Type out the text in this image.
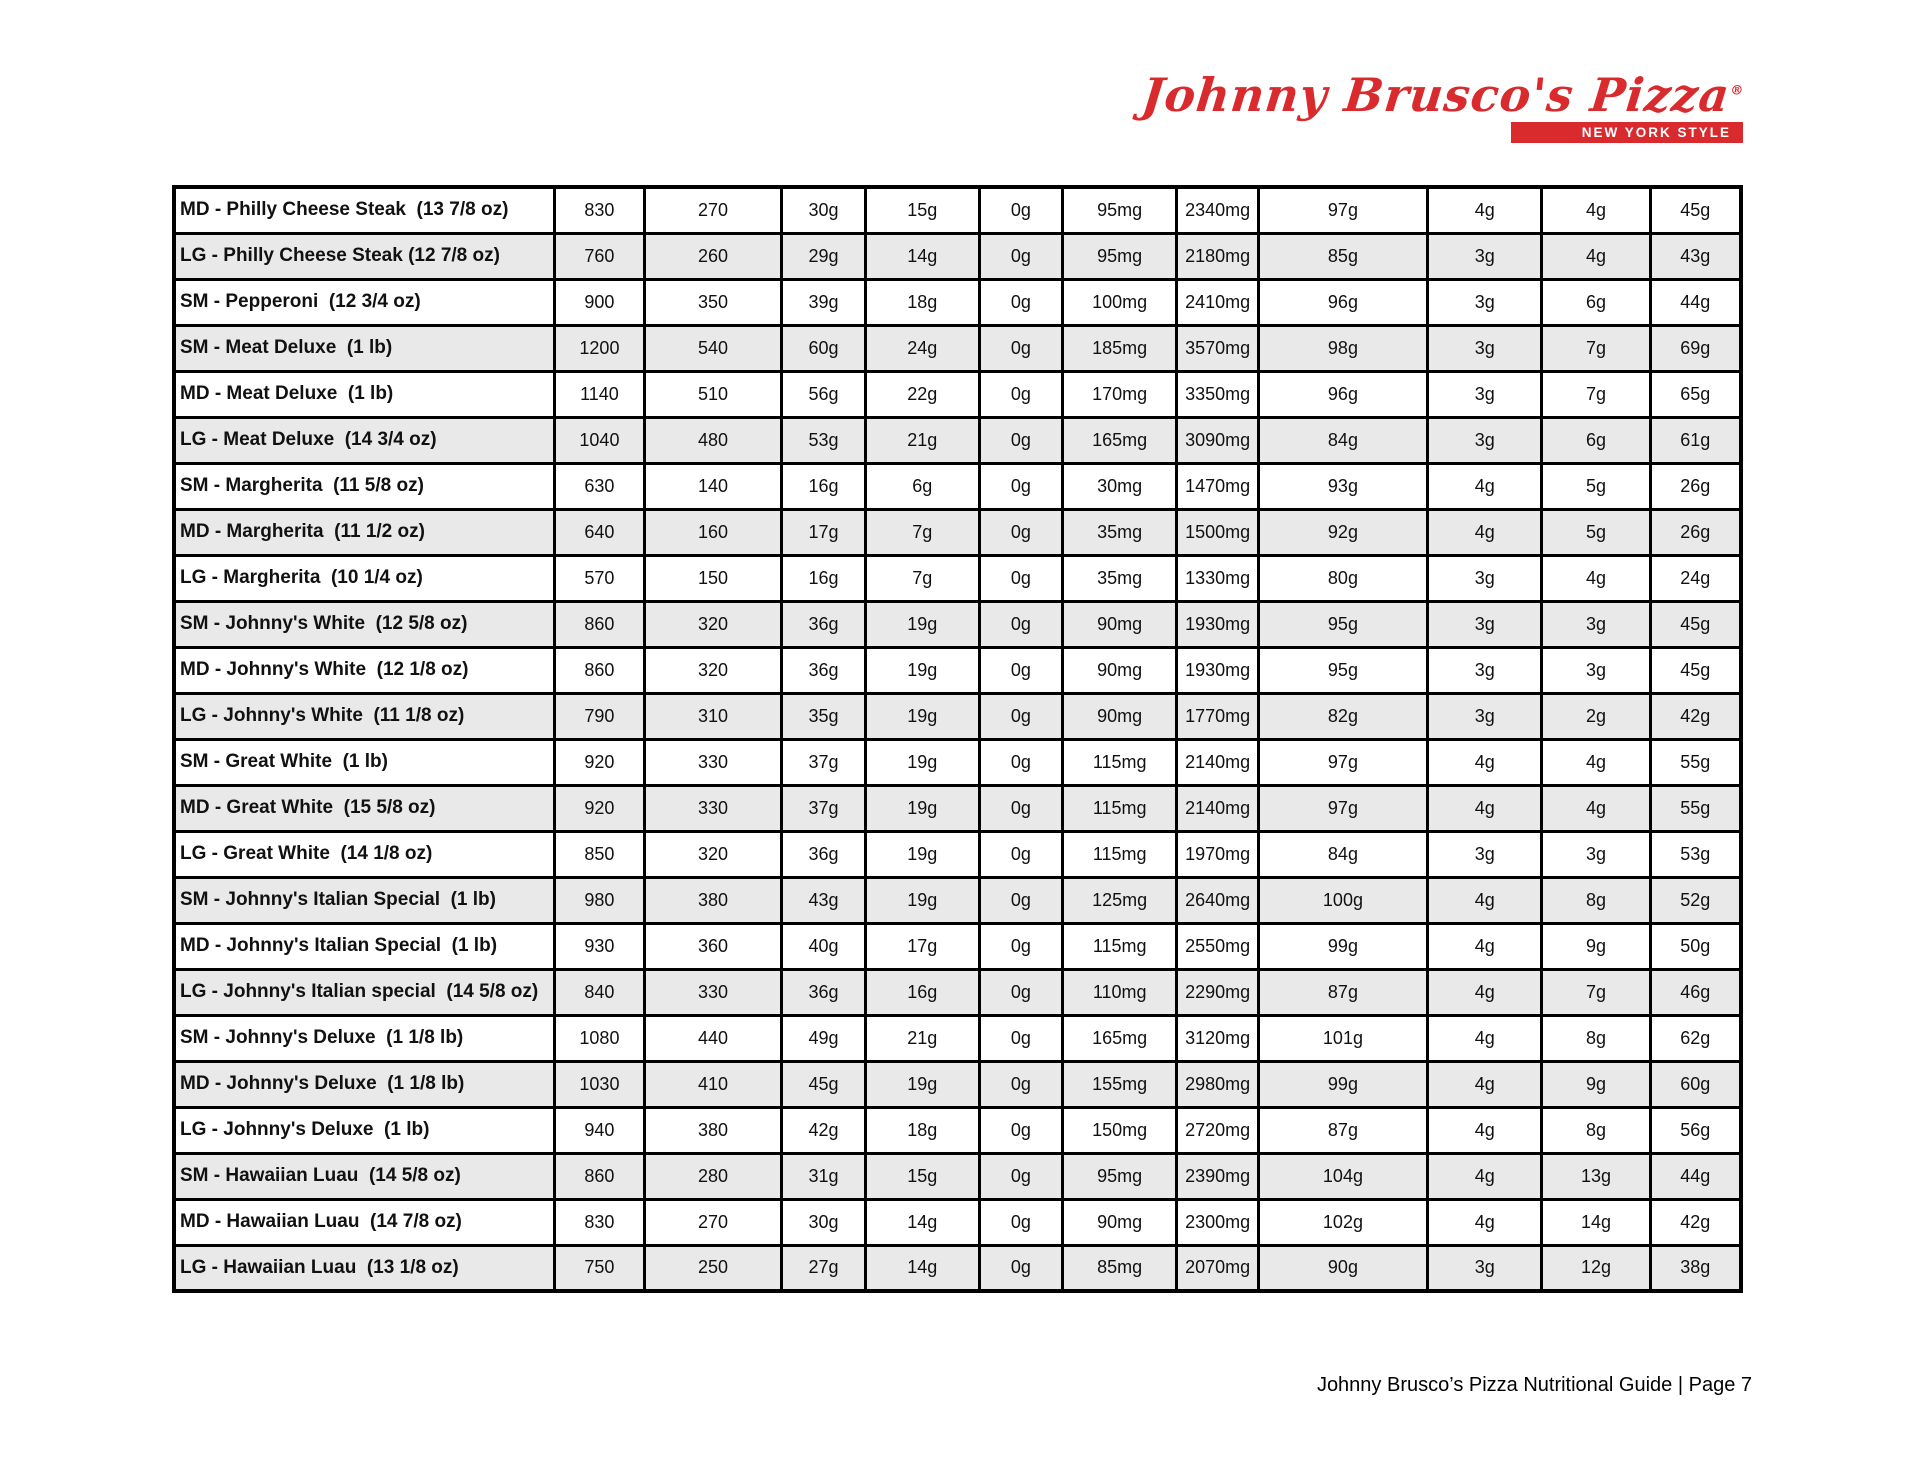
Johnny Brusco's Pizza®
NEW YORK STYLE
MD - Philly Cheese Steak  (13 7/8 oz)	830	270	30g	15g	0g	95mg	2340mg	97g	4g	4g	45g
LG - Philly Cheese Steak (12 7/8 oz)	760	260	29g	14g	0g	95mg	2180mg	85g	3g	4g	43g
SM - Pepperoni  (12 3/4 oz)	900	350	39g	18g	0g	100mg	2410mg	96g	3g	6g	44g
SM - Meat Deluxe  (1 lb)	1200	540	60g	24g	0g	185mg	3570mg	98g	3g	7g	69g
MD - Meat Deluxe  (1 lb)	1140	510	56g	22g	0g	170mg	3350mg	96g	3g	7g	65g
LG - Meat Deluxe  (14 3/4 oz)	1040	480	53g	21g	0g	165mg	3090mg	84g	3g	6g	61g
SM - Margherita  (11 5/8 oz)	630	140	16g	6g	0g	30mg	1470mg	93g	4g	5g	26g
MD - Margherita  (11 1/2 oz)	640	160	17g	7g	0g	35mg	1500mg	92g	4g	5g	26g
LG - Margherita  (10 1/4 oz)	570	150	16g	7g	0g	35mg	1330mg	80g	3g	4g	24g
SM - Johnny's White  (12 5/8 oz)	860	320	36g	19g	0g	90mg	1930mg	95g	3g	3g	45g
MD - Johnny's White  (12 1/8 oz)	860	320	36g	19g	0g	90mg	1930mg	95g	3g	3g	45g
LG - Johnny's White  (11 1/8 oz)	790	310	35g	19g	0g	90mg	1770mg	82g	3g	2g	42g
SM - Great White  (1 lb)	920	330	37g	19g	0g	115mg	2140mg	97g	4g	4g	55g
MD - Great White  (15 5/8 oz)	920	330	37g	19g	0g	115mg	2140mg	97g	4g	4g	55g
LG - Great White  (14 1/8 oz)	850	320	36g	19g	0g	115mg	1970mg	84g	3g	3g	53g
SM - Johnny's Italian Special  (1 lb)	980	380	43g	19g	0g	125mg	2640mg	100g	4g	8g	52g
MD - Johnny's Italian Special  (1 lb)	930	360	40g	17g	0g	115mg	2550mg	99g	4g	9g	50g
LG - Johnny's Italian special  (14 5/8 oz)	840	330	36g	16g	0g	110mg	2290mg	87g	4g	7g	46g
SM - Johnny's Deluxe  (1 1/8 lb)	1080	440	49g	21g	0g	165mg	3120mg	101g	4g	8g	62g
MD - Johnny's Deluxe  (1 1/8 lb)	1030	410	45g	19g	0g	155mg	2980mg	99g	4g	9g	60g
LG - Johnny's Deluxe  (1 lb)	940	380	42g	18g	0g	150mg	2720mg	87g	4g	8g	56g
SM - Hawaiian Luau  (14 5/8 oz)	860	280	31g	15g	0g	95mg	2390mg	104g	4g	13g	44g
MD - Hawaiian Luau  (14 7/8 oz)	830	270	30g	14g	0g	90mg	2300mg	102g	4g	14g	42g
LG - Hawaiian Luau  (13 1/8 oz)	750	250	27g	14g	0g	85mg	2070mg	90g	3g	12g	38g
Johnny Brusco’s Pizza Nutritional Guide | Page 7
